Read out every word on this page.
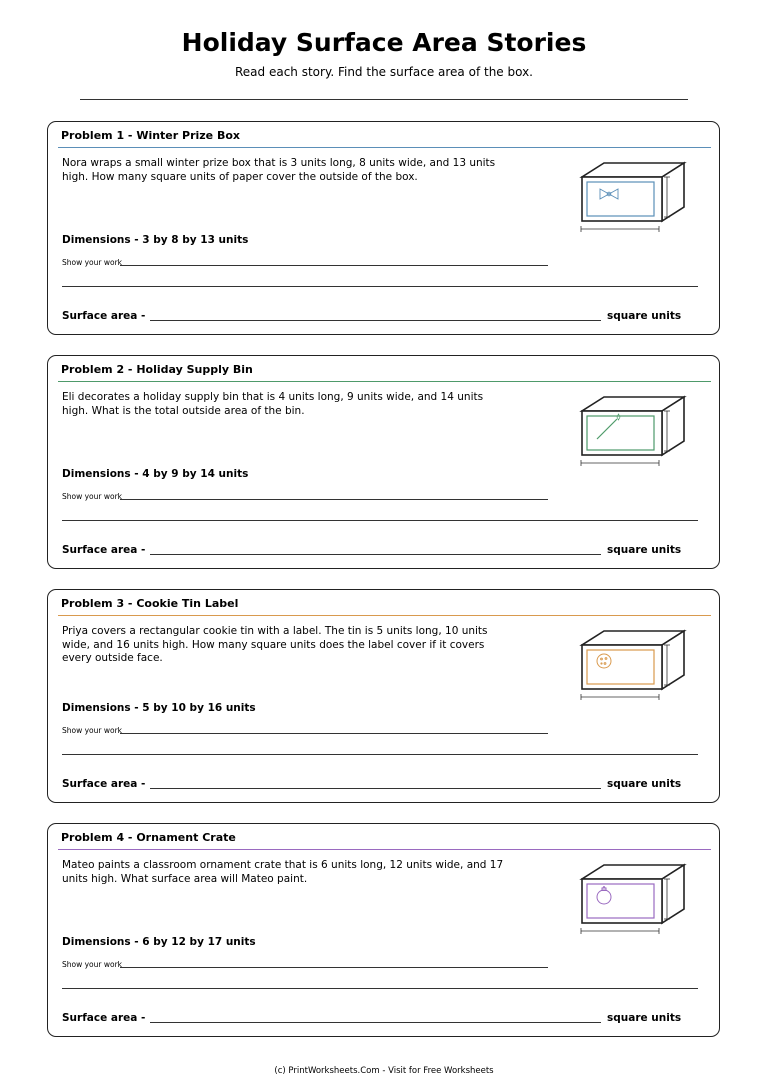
Holiday Surface Area Stories

Read each story. Find the surface area of the box.

Problem 1 - Winter Prize Box

Nora wraps a small winter prize box that is 3 units long, 8 units wide, and 13 units high. How many square units of paper cover the outside of the box.

Dimensions - 3 by 8 by 13 units

Show your work
Surface area -	square units

Problem 2 - Holiday Supply Bin

Eli decorates a holiday supply bin that is 4 units long, 9 units wide, and 14 units high. What is the total outside area of the bin.

Dimensions - 4 by 9 by 14 units

Show your work
Surface area -	square units

Problem 3 - Cookie Tin Label

Priya covers a rectangular cookie tin with a label. The tin is 5 units long, 10 units wide, and 16 units high. How many square units does the label cover if it covers every outside face.

Dimensions - 5 by 10 by 16 units

Show your work
Surface area -	square units

Problem 4 - Ornament Crate

Mateo paints a classroom ornament crate that is 6 units long, 12 units wide, and 17 units high. What surface area will Mateo paint.

Dimensions - 6 by 12 by 17 units

Show your work
Surface area -	square units
(c) PrintWorksheets.Com - Visit for Free Worksheets
